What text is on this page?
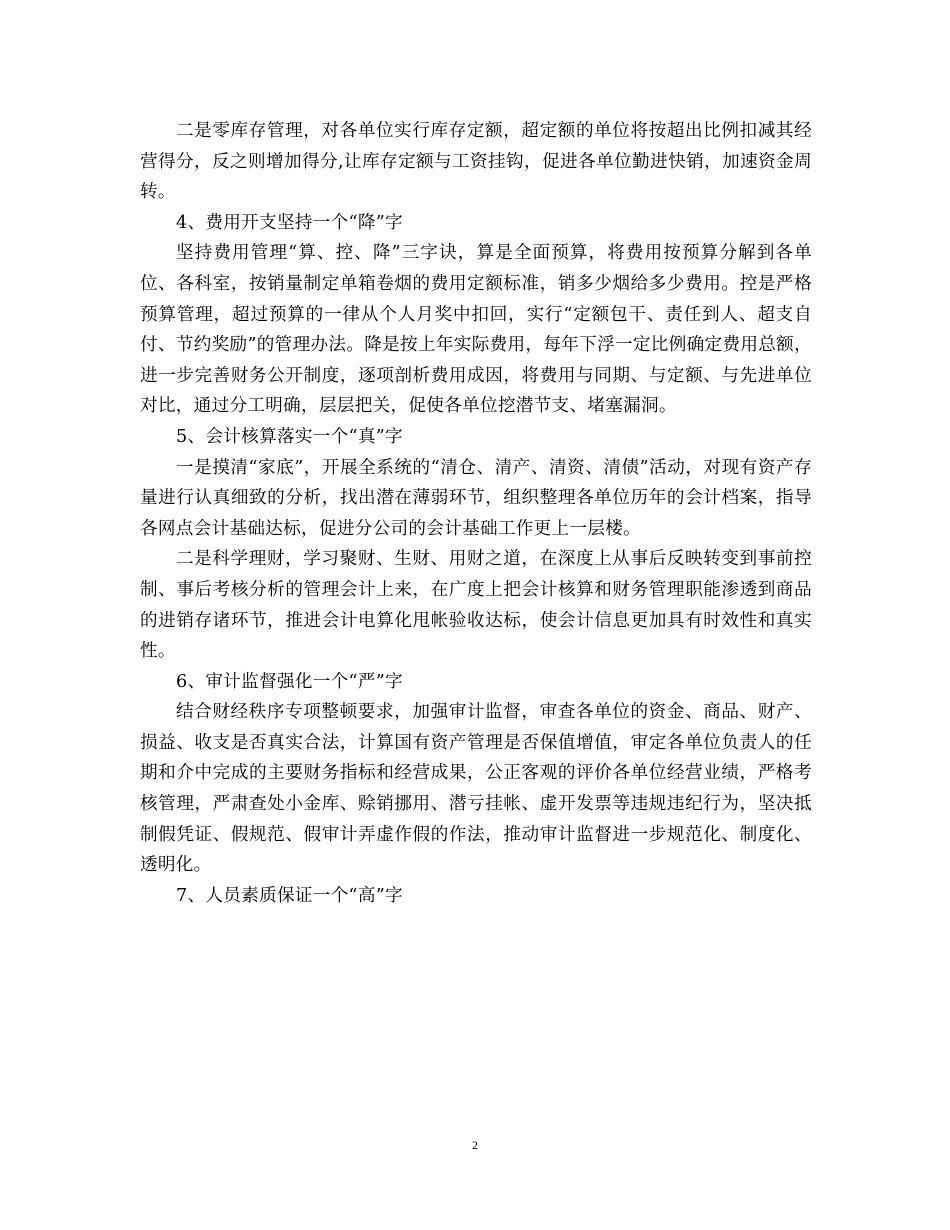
二是零库存管理，对各单位实行库存定额，超定额的单位将按超出比例扣减其经营得分，反之则增加得分,让库存定额与工资挂钩，促进各单位勤进快销，加速资金周转。

4、费用开支坚持一个“降”字

坚持费用管理“算、控、降”三字诀，算是全面预算，将费用按预算分解到各单位、各科室，按销量制定单箱卷烟的费用定额标准，销多少烟给多少费用。控是严格预算管理，超过预算的一律从个人月奖中扣回，实行“定额包干、责任到人、超支自付、节约奖励”的管理办法。降是按上年实际费用，每年下浮一定比例确定费用总额，进一步完善财务公开制度，逐项剖析费用成因，将费用与同期、与定额、与先进单位对比，通过分工明确，层层把关，促使各单位挖潜节支、堵塞漏洞。

5、会计核算落实一个“真”字

一是摸清“家底”，开展全系统的“清仓、清产、清资、清债”活动，对现有资产存量进行认真细致的分析，找出潜在薄弱环节，组织整理各单位历年的会计档案，指导各网点会计基础达标，促进分公司的会计基础工作更上一层楼。

二是科学理财，学习聚财、生财、用财之道，在深度上从事后反映转变到事前控制、事后考核分析的管理会计上来，在广度上把会计核算和财务管理职能渗透到商品的进销存诸环节，推进会计电算化甩帐验收达标，使会计信息更加具有时效性和真实性。

6、审计监督强化一个“严”字

结合财经秩序专项整顿要求，加强审计监督，审查各单位的资金、商品、财产、损益、收支是否真实合法，计算国有资产管理是否保值增值，审定各单位负责人的任期和介中完成的主要财务指标和经营成果，公正客观的评价各单位经营业绩，严格考核管理，严肃查处小金库、赊销挪用、潜亏挂帐、虚开发票等违规违纪行为，坚决抵制假凭证、假规范、假审计弄虚作假的作法，推动审计监督进一步规范化、制度化、透明化。

7、人员素质保证一个“高”字

2
